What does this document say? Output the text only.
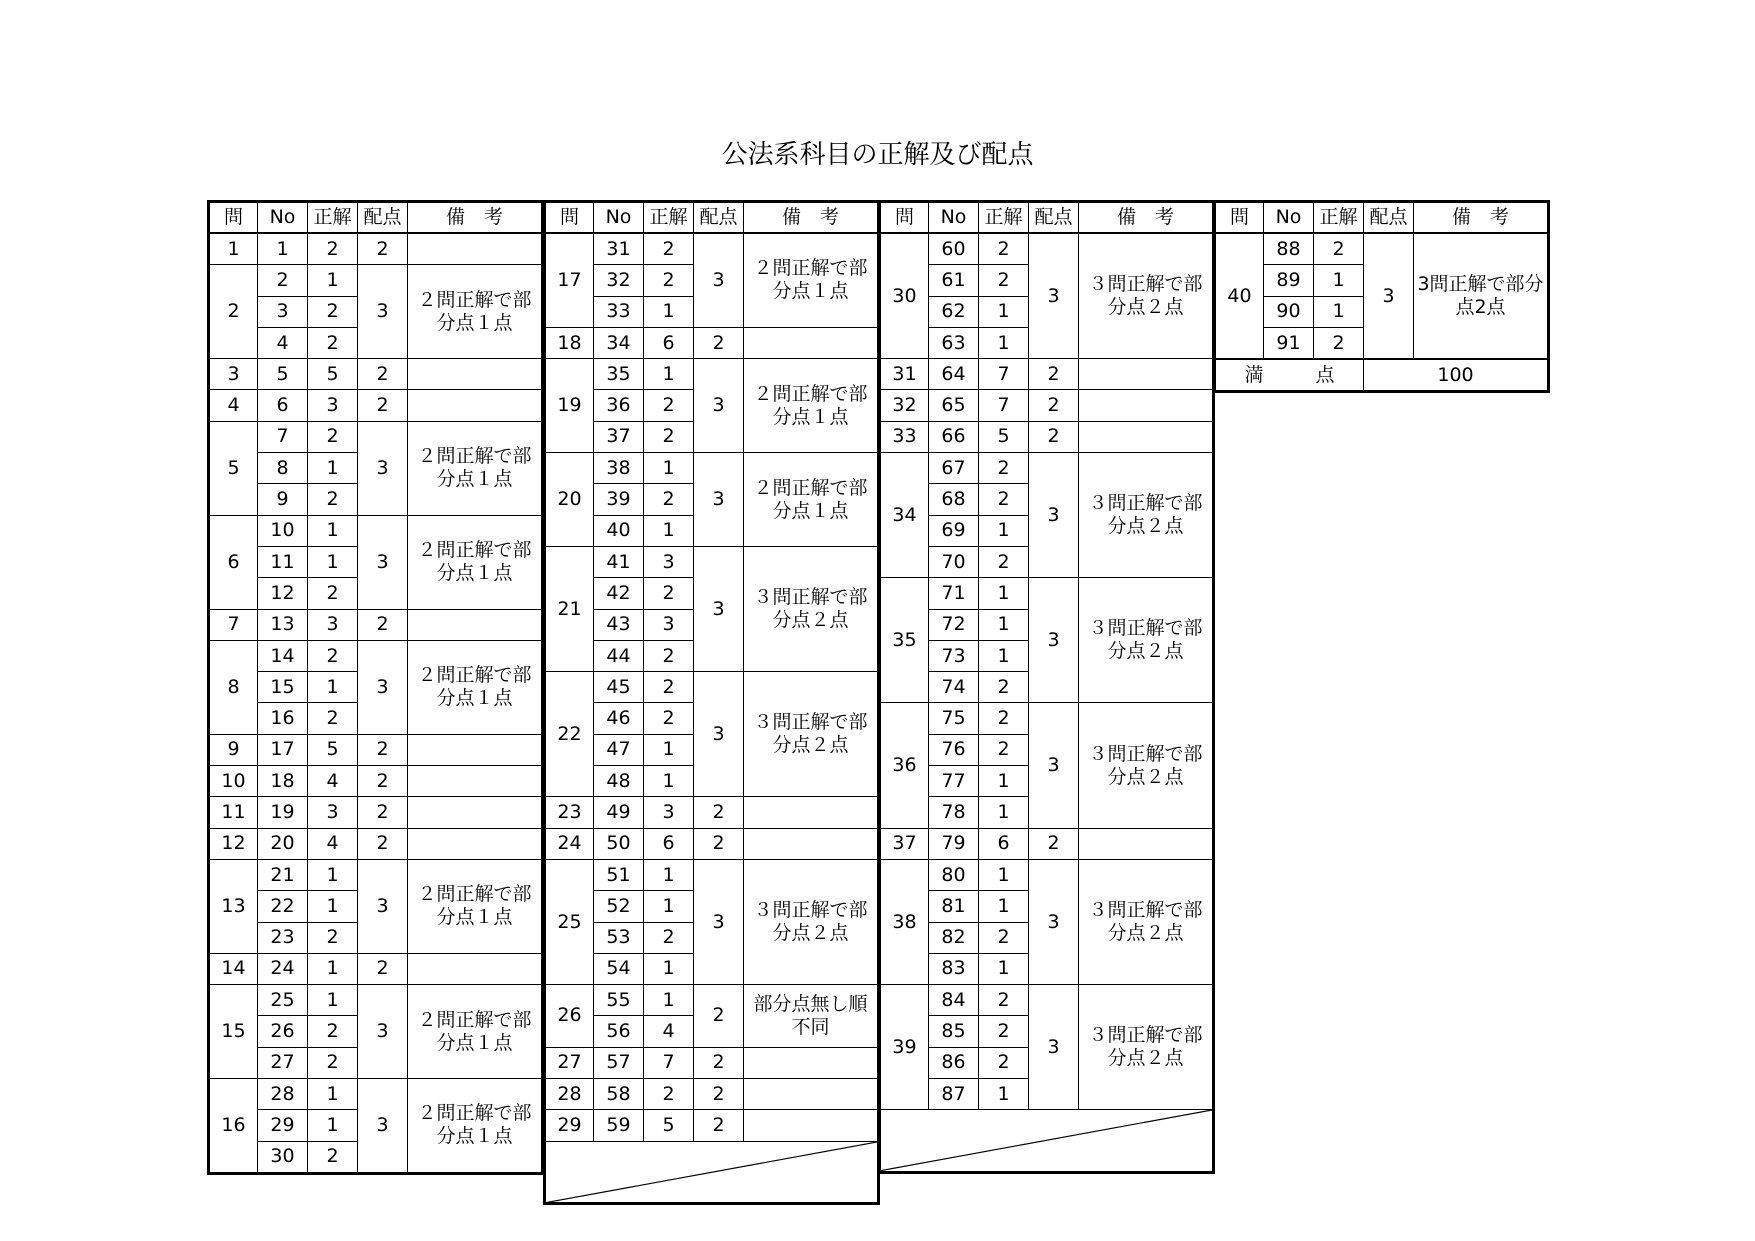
公法系科目の正解及び配点
問	No	正解	配点	備　考
1	1	2	2	
2	2	1	3	２問正解で部分点１点
	3	2		
	4	2		
3	5	5	2	
4	6	3	2	
5	7	2	3	２問正解で部分点１点
	8	1		
	9	2		
6	10	1	3	２問正解で部分点１点
	11	1		
	12	2		
7	13	3	2	
8	14	2	3	２問正解で部分点１点
	15	1		
	16	2		
9	17	5	2	
10	18	4	2	
11	19	3	2	
12	20	4	2	
13	21	1	3	２問正解で部分点１点
	22	1		
	23	2		
14	24	1	2	
15	25	1	3	２問正解で部分点１点
	26	2		
	27	2		
16	28	1	3	２問正解で部分点１点
	29	1		
	30	2		
問	No	正解	配点	備　考
17	31	2	3	２問正解で部分点１点
	32	2		
	33	1		
18	34	6	2	
19	35	1	3	２問正解で部分点１点
	36	2		
	37	2		
20	38	1	3	２問正解で部分点１点
	39	2		
	40	1		
21	41	3	3	３問正解で部分点２点
	42	2		
	43	3		
	44	2		
22	45	2	3	３問正解で部分点２点
	46	2		
	47	1		
	48	1		
23	49	3	2	
24	50	6	2	
25	51	1	3	３問正解で部分点２点
	52	1		
	53	2		
	54	1		
26	55	1	2	部分点無し順不同
	56	4		
27	57	7	2	
28	58	2	2	
29	59	5	2	

問	No	正解	配点	備　考
30	60	2	3	３問正解で部分点２点
	61	2		
	62	1		
	63	1		
31	64	7	2	
32	65	7	2	
33	66	5	2	
34	67	2	3	３問正解で部分点２点
	68	2		
	69	1		
	70	2		
35	71	1	3	３問正解で部分点２点
	72	1		
	73	1		
	74	2		
36	75	2	3	３問正解で部分点２点
	76	2		
	77	1		
	78	1		
37	79	6	2	
38	80	1	3	３問正解で部分点２点
	81	1		
	82	2		
	83	1		
39	84	2	3	３問正解で部分点２点
	85	2		
	86	2		
	87	1		

問	No	正解	配点	備　考
40	88	2	3	3問正解で部分点2点
	89	1		
	90	1		
	91	2		
満 点			100	
